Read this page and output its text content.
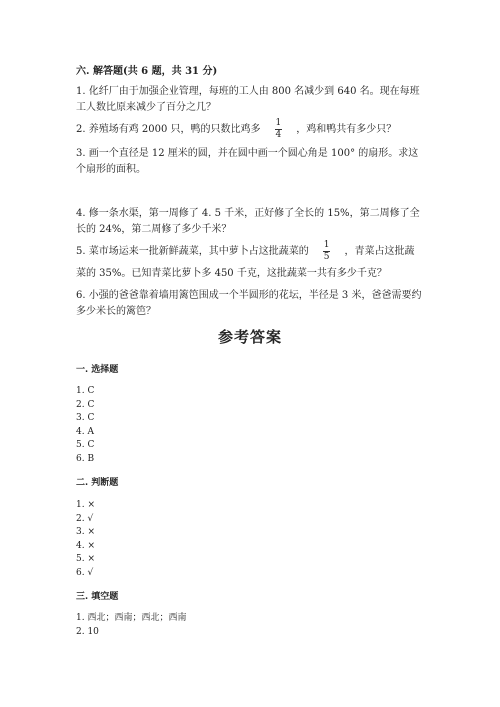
六. 解答题(共 6 题，共 31 分)
1. 化纤厂由于加强企业管理，每班的工人由 800 名减少到 640 名。现在每班工人数比原来减少了百分之几？
2. 养殖场有鸡 2000 只，鸭的只数比鸡多 $\frac{1}{4}$ ，鸡和鸭共有多少只？
3. 画一个直径是 12 厘米的圆，并在圆中画一个圆心角是 100° 的扇形。求这个扇形的面积。
4. 修一条水渠，第一周修了 4. 5 千米，正好修了全长的 15%，第二周修了全长的 24%，第二周修了多少千米？
5. 菜市场运来一批新鲜蔬菜，其中萝卜占这批蔬菜的 $\frac{1}{5}$ ，青菜占这批蔬
菜的 35%。已知青菜比萝卜多 450 千克，这批蔬菜一共有多少千克？
6. 小强的爸爸靠着墙用篱笆围成一个半圆形的花坛，半径是 3 米，爸爸需要约多少米长的篱笆？
参考答案
一. 选择题
1. C
2. C
3. C
4. A
5. C
6. B
二. 判断题
1. ×
2. √
3. ×
4. ×
5. ×
6. √
三. 填空题
1. 西北；西南；西北；西南
2. 10
